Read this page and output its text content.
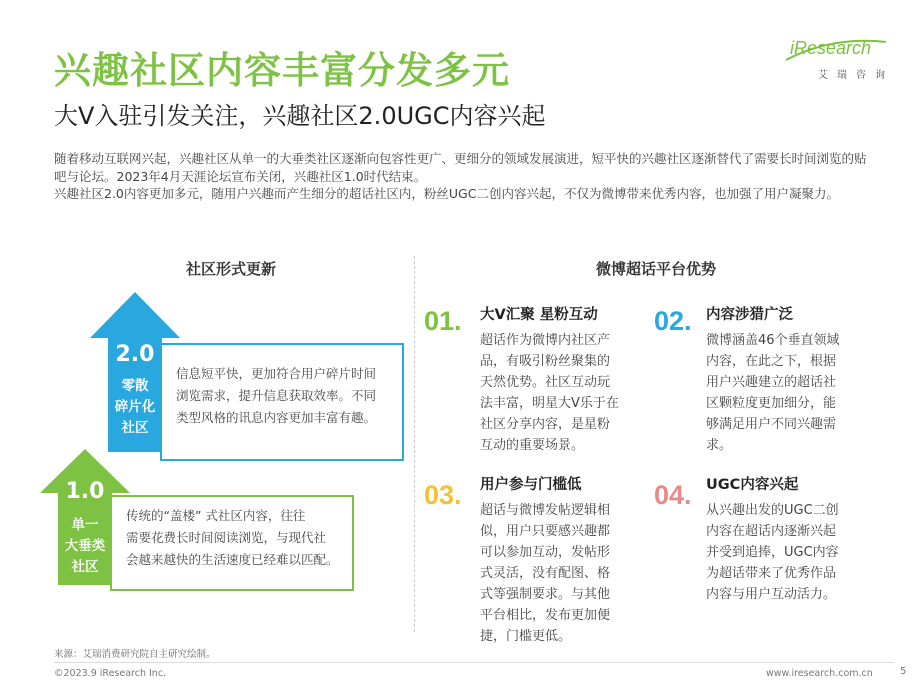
兴趣社区内容丰富分发多元
大V入驻引发关注，兴趣社区2.0UGC内容兴起
iResearch
艾瑞咨询

随着移动互联网兴起，兴趣社区从单一的大垂类社区逐渐向包容性更广、更细分的领域发展演进，短平快的兴趣社区逐渐替代了需要长时间浏览的贴吧与论坛。2023年4月天涯论坛宣布关闭，兴趣社区1.0时代结束。

兴趣社区2.0内容更加多元，随用户兴趣而产生细分的超话社区内，粉丝UGC二创内容兴起，不仅为微博带来优秀内容，也加强了用户凝聚力。

社区形式更新

信息短平快，更加符合用户碎片时间

浏览需求，提升信息获取效率。不同

类型风格的讯息内容更加丰富有趣。

2.0
零散
碎片化
社区

传统的“盖楼” 式社区内容，往往

需要花费长时间阅读浏览，与现代社

会越来越快的生活速度已经难以匹配。

1.0
单一
大垂类
社区
微博超话平台优势
01. 大V汇聚 星粉互动

超话作为微博内社区产

品，有吸引粉丝聚集的

天然优势。社区互动玩

法丰富，明星大V乐于在

社区分享内容，是星粉

互动的重要场景。

02. 内容涉猎广泛

微博涵盖46个垂直领域

内容，在此之下，根据

用户兴趣建立的超话社

区颗粒度更加细分，能

够满足用户不同兴趣需

求。

03. 用户参与门槛低

超话与微博发帖逻辑相

似，用户只要感兴趣都

可以参加互动，发帖形

式灵活，没有配图、格

式等强制要求。与其他

平台相比，发布更加便

捷，门槛更低。

04. UGC内容兴起

从兴趣出发的UGC二创

内容在超话内逐渐兴起

并受到追捧，UGC内容

为超话带来了优秀作品

内容与用户互动活力。

来源：艾瑞消费研究院自主研究绘制。
©2023.9 iResearch Inc.	www.iresearch.com.cn	5
